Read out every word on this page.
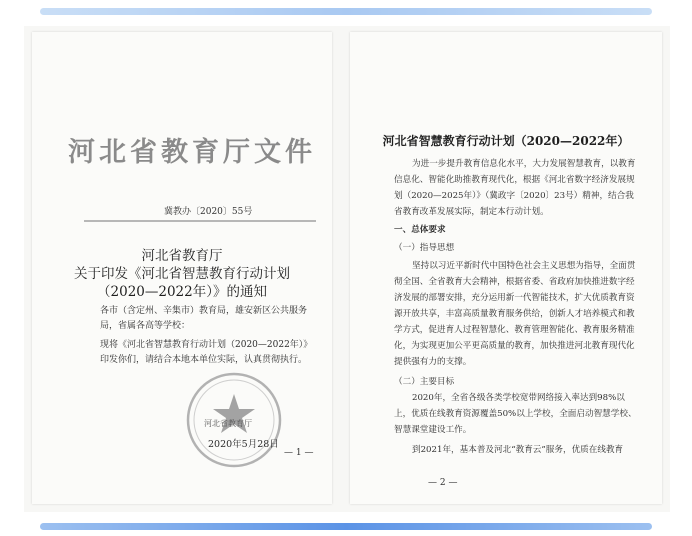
河北省教育厅文件
冀教办〔2020〕55号
河北省教育厅
关于印发《河北省智慧教育行动计划
（2020—2022年）》的通知
各市（含定州、辛集市）教育局，雄安新区公共服务局，省属各高等学校：
现将《河北省智慧教育行动计划（2020—2022年）》印发你们，请结合本地本单位实际，认真贯彻执行。
河北省教育厅
2020年5月28日
— 1 —
河北省智慧教育行动计划（2020—2022年）
为进一步提升教育信息化水平，大力发展智慧教育，以教育信息化、智能化助推教育现代化，根据《河北省数字经济发展规划（2020—2025年）》（冀政字〔2020〕23号）精神，结合我省教育改革发展实际，制定本行动计划。
一、总体要求
（一）指导思想
坚持以习近平新时代中国特色社会主义思想为指导，全面贯彻全国、全省教育大会精神，根据省委、省政府加快推进数字经济发展的部署安排，充分运用新一代智能技术，扩大优质教育资源开放共享，丰富高质量教育服务供给，创新人才培养模式和教学方式，促进育人过程智慧化、教育管理智能化、教育服务精准化，为实现更加公平更高质量的教育，加快推进河北教育现代化提供强有力的支撑。
（二）主要目标
2020年，全省各级各类学校宽带网络接入率达到98%以上，优质在线教育资源覆盖50%以上学校，全面启动智慧学校、智慧课堂建设工作。
到2021年，基本普及河北“教育云”服务，优质在线教育
— 2 —
